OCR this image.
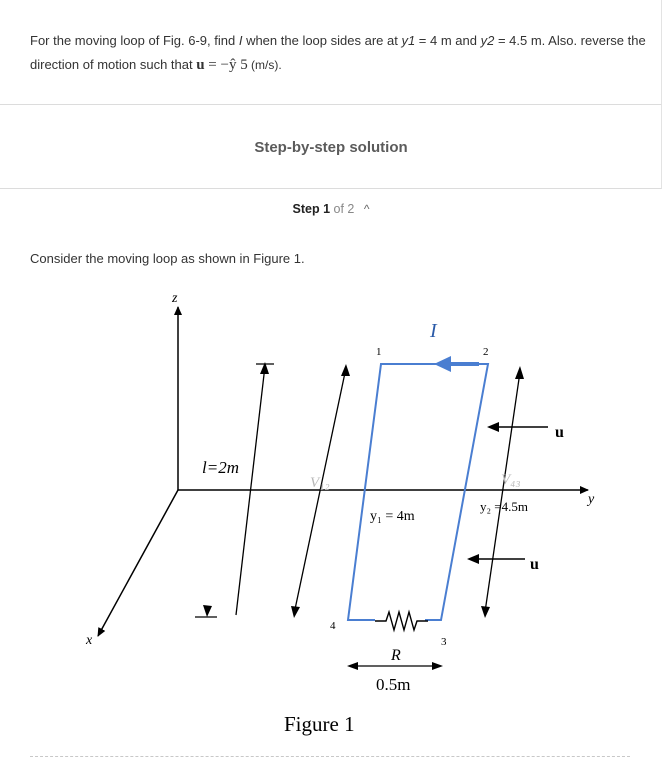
For the moving loop of Fig. 6-9, find I when the loop sides are at y1 = 4 m and y2 = 4.5 m. Also. reverse the direction of motion such that u = −ŷ 5 (m/s).
Step-by-step solution
Step 1 of 2 ^
Consider the moving loop as shown in Figure 1.
z
y
x
l=2m
V₁₂
I
1	2
3
4
R
0.5m
V₄₃
u
u
y₁ = 4m
y₂ =4.5m
Figure 1
